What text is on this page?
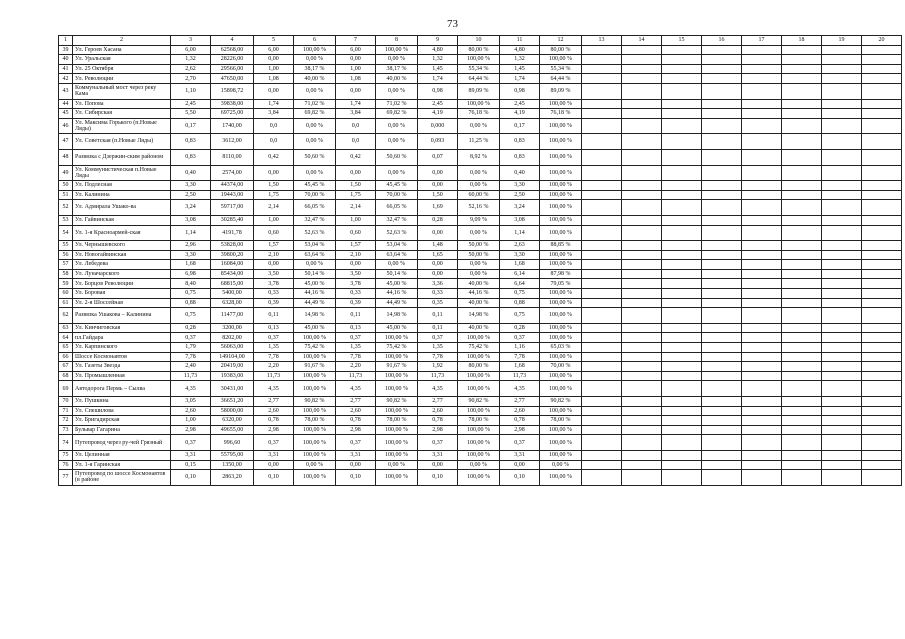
73
1	2	3	4	5	6	7	8	9	10	11	12	13	14	15	16	17	18	19	20
39	Ул. Героев Хасана	6,00	62568,00	6,00	100,00 %	6,00	100,00 %	4,80	80,00 %	4,80	80,00 %								
40	Ул. Уральская	1,32	28226,00	0,00	0,00 %	0,00	0,00 %	1,32	100,00 %	1,32	100,00 %								
41	Ул. 25 Октября	2,62	29566,00	1,00	38,17 %	1,00	38,17 %	1,45	55,34 %	1,45	55,34 %								
42	Ул. Революции	2,70	47650,00	1,08	40,00 %	1,08	40,00 %	1,74	64,44 %	1,74	64,44 %								
43	Коммунальный мост через реку Кама	1,10	15898,72	0,00	0,00 %	0,00	0,00 %	0,98	89,09 %	0,98	89,09 %								
44	Ул. Попова	2,45	39838,00	1,74	71,02 %	1,74	71,02 %	2,45	100,00 %	2,45	100,00 %								
45	Ул. Сибирская	5,50	69725,00	3,84	69,82 %	3,84	69,82 %	4,19	76,18 %	4,19	76,18 %								
46	Ул. Максима Горького (п.Новые Ляды)	0,17	1740,00	0,0	0,00 %	0,0	0,00 %	0,000	0,00 %	0,17	100,00 %								
47	Ул. Советская (п.Новые Ляды)	0,83	3612,00	0,0	0,00 %	0,0	0,00 %	0,093	11,25 %	0,83	100,00 %								
48	Развязка с Дзержин-ским районом	0,83	8110,00	0,42	50,60 %	0,42	50,60 %	0,07	8,92 %	0,83	100,00 %								
49	Ул. Коммунистическая п.Новые Ляды	0,40	2574,00	0,00	0,00 %	0,00	0,00 %	0,00	0,00 %	0,40	100,00 %								
50	Ул. Подлесная	3,30	44374,00	1,50	45,45 %	1,50	45,45 %	0,00	0,00 %	3,30	100,00 %								
51	Ул. Калинина	2,50	19443,00	1,75	70,00 %	1,75	70,00 %	1,50	60,00 %	2,50	100,00 %								
52	Ул. Адмирала Ушако-ва	3,24	59717,00	2,14	66,05 %	2,14	66,05 %	1,69	52,16 %	3,24	100,00 %								
53	Ул. Гайвинская	3,08	30285,40	1,00	32,47 %	1,00	32,47 %	0,28	9,09 %	3,08	100,00 %								
54	Ул. 1-я Красноармей-ская	1,14	4191,78	0,60	52,63 %	0,60	52,63 %	0,00	0,00 %	1,14	100,00 %								
55	Ул. Чернышевского	2,96	53828,00	1,57	53,04 %	1,57	53,04 %	1,48	50,00 %	2,63	88,85 %								
56	Ул. Новогайвинская	3,30	39800,20	2,10	63,64 %	2,10	63,64 %	1,65	50,00 %	3,30	100,00 %								
57	Ул. Лебедева	1,68	16084,00	0,00	0,00 %	0,00	0,00 %	0,00	0,00 %	1,68	100,00 %								
58	Ул. Луначарского	6,98	85434,00	3,50	50,14 %	3,50	50,14 %	0,00	0,00 %	6,14	87,98 %								
59	Ул. Борцов Революции	8,40	68815,00	3,78	45,00 %	3,78	45,00 %	3,36	40,00 %	6,64	79,05 %								
60	Ул. Боровая	0,75	5400,00	0,33	44,16 %	0,33	44,16 %	0,33	44,16 %	0,75	100,00 %								
61	Ул. 2-я Шоссейная	0,88	6328,00	0,39	44,49 %	0,39	44,49 %	0,35	40,00 %	0,88	100,00 %								
62	Развязка Ушакова – Калинина	0,75	11477,00	0,11	14,98 %	0,11	14,98 %	0,11	14,98 %	0,75	100,00 %								
63	Ул. Кинчиговская	0,28	3200,00	0,13	45,00 %	0,13	45,00 %	0,11	40,00 %	0,28	100,00 %								
64	пл.Гайдара	0,37	8202,00	0,37	100,00 %	0,37	100,00 %	0,37	100,00 %	0,37	100,00 %								
65	Ул. Карпинского	1,79	56063,00	1,35	75,42 %	1,35	75,42 %	1,35	75,42 %	1,16	65,03 %								
66	Шоссе Космонавтов	7,78	149104,00	7,78	100,00 %	7,78	100,00 %	7,78	100,00 %	7,78	100,00 %								
67	Ул. Газеты Звезда	2,40	20419,00	2,20	91,67 %	2,20	91,67 %	1,92	80,00 %	1,68	70,00 %								
68	Ул. Промышленная	11,73	19383,00	11,73	100,00 %	11,73	100,00 %	11,73	100,00 %	11,73	100,00 %								
69	Автодорога Пермь – Сылва	4,35	30431,00	4,35	100,00 %	4,35	100,00 %	4,35	100,00 %	4,35	100,00 %								
70	Ул. Пушкина	3,05	36651,20	2,77	90,82 %	2,77	90,82 %	2,77	90,82 %	2,77	90,82 %								
71	Ул. Спешилова	2,60	58000,00	2,60	100,00 %	2,60	100,00 %	2,60	100,00 %	2,60	100,00 %								
72	Ул. Бригадирская	1,00	6320,00	0,78	78,00 %	0,78	78,00 %	0,78	78,00 %	0,78	78,00 %								
73	Бульвар Гагарина	2,98	49655,00	2,98	100,00 %	2,98	100,00 %	2,98	100,00 %	2,98	100,00 %								
74	Путепровод через ру-чей Грязный	0,37	996,60	0,37	100,00 %	0,37	100,00 %	0,37	100,00 %	0,37	100,00 %								
75	Ул. Целинная	3,31	55795,00	3,31	100,00 %	3,31	100,00 %	3,31	100,00 %	3,31	100,00 %								
76	Ул. 1-я Гаринская	0,15	1350,00	0,00	0,00 %	0,00	0,00 %	0,00	0,00 %	0,00	0,00 %								
77	Путепровод по шоссе Космонавтов (в районе	0,10	2863,20	0,10	100,00 %	0,10	100,00 %	0,10	100,00 %	0,10	100,00 %								
